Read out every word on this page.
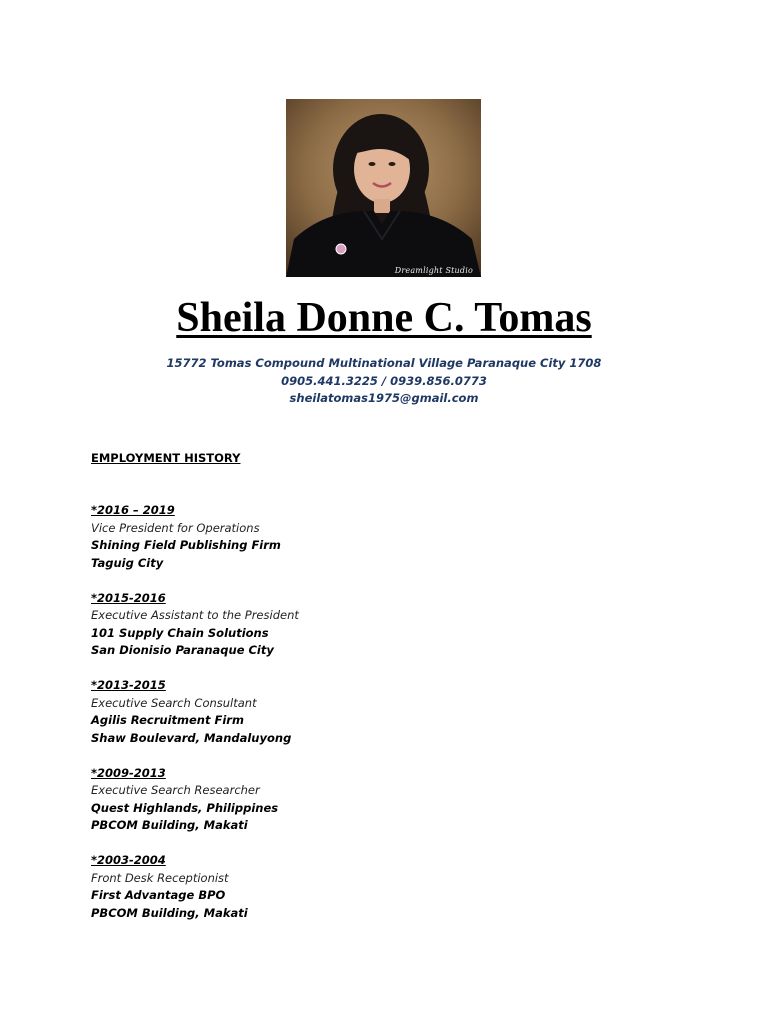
Dreamlight Studio
Sheila Donne C. Tomas
15772 Tomas Compound Multinational Village Paranaque City 1708
0905.441.3225 / 0939.856.0773
sheilatomas1975@gmail.com
EMPLOYMENT HISTORY
*2016 – 2019
Vice President for Operations
Shining Field Publishing Firm
Taguig City
*2015-2016
Executive Assistant to the President
101 Supply Chain Solutions
San Dionisio Paranaque City
*2013-2015
Executive Search Consultant
Agilis Recruitment Firm
Shaw Boulevard, Mandaluyong
*2009-2013
Executive Search Researcher
Quest Highlands, Philippines
PBCOM Building, Makati
*2003-2004
Front Desk Receptionist
First Advantage BPO
PBCOM Building, Makati
